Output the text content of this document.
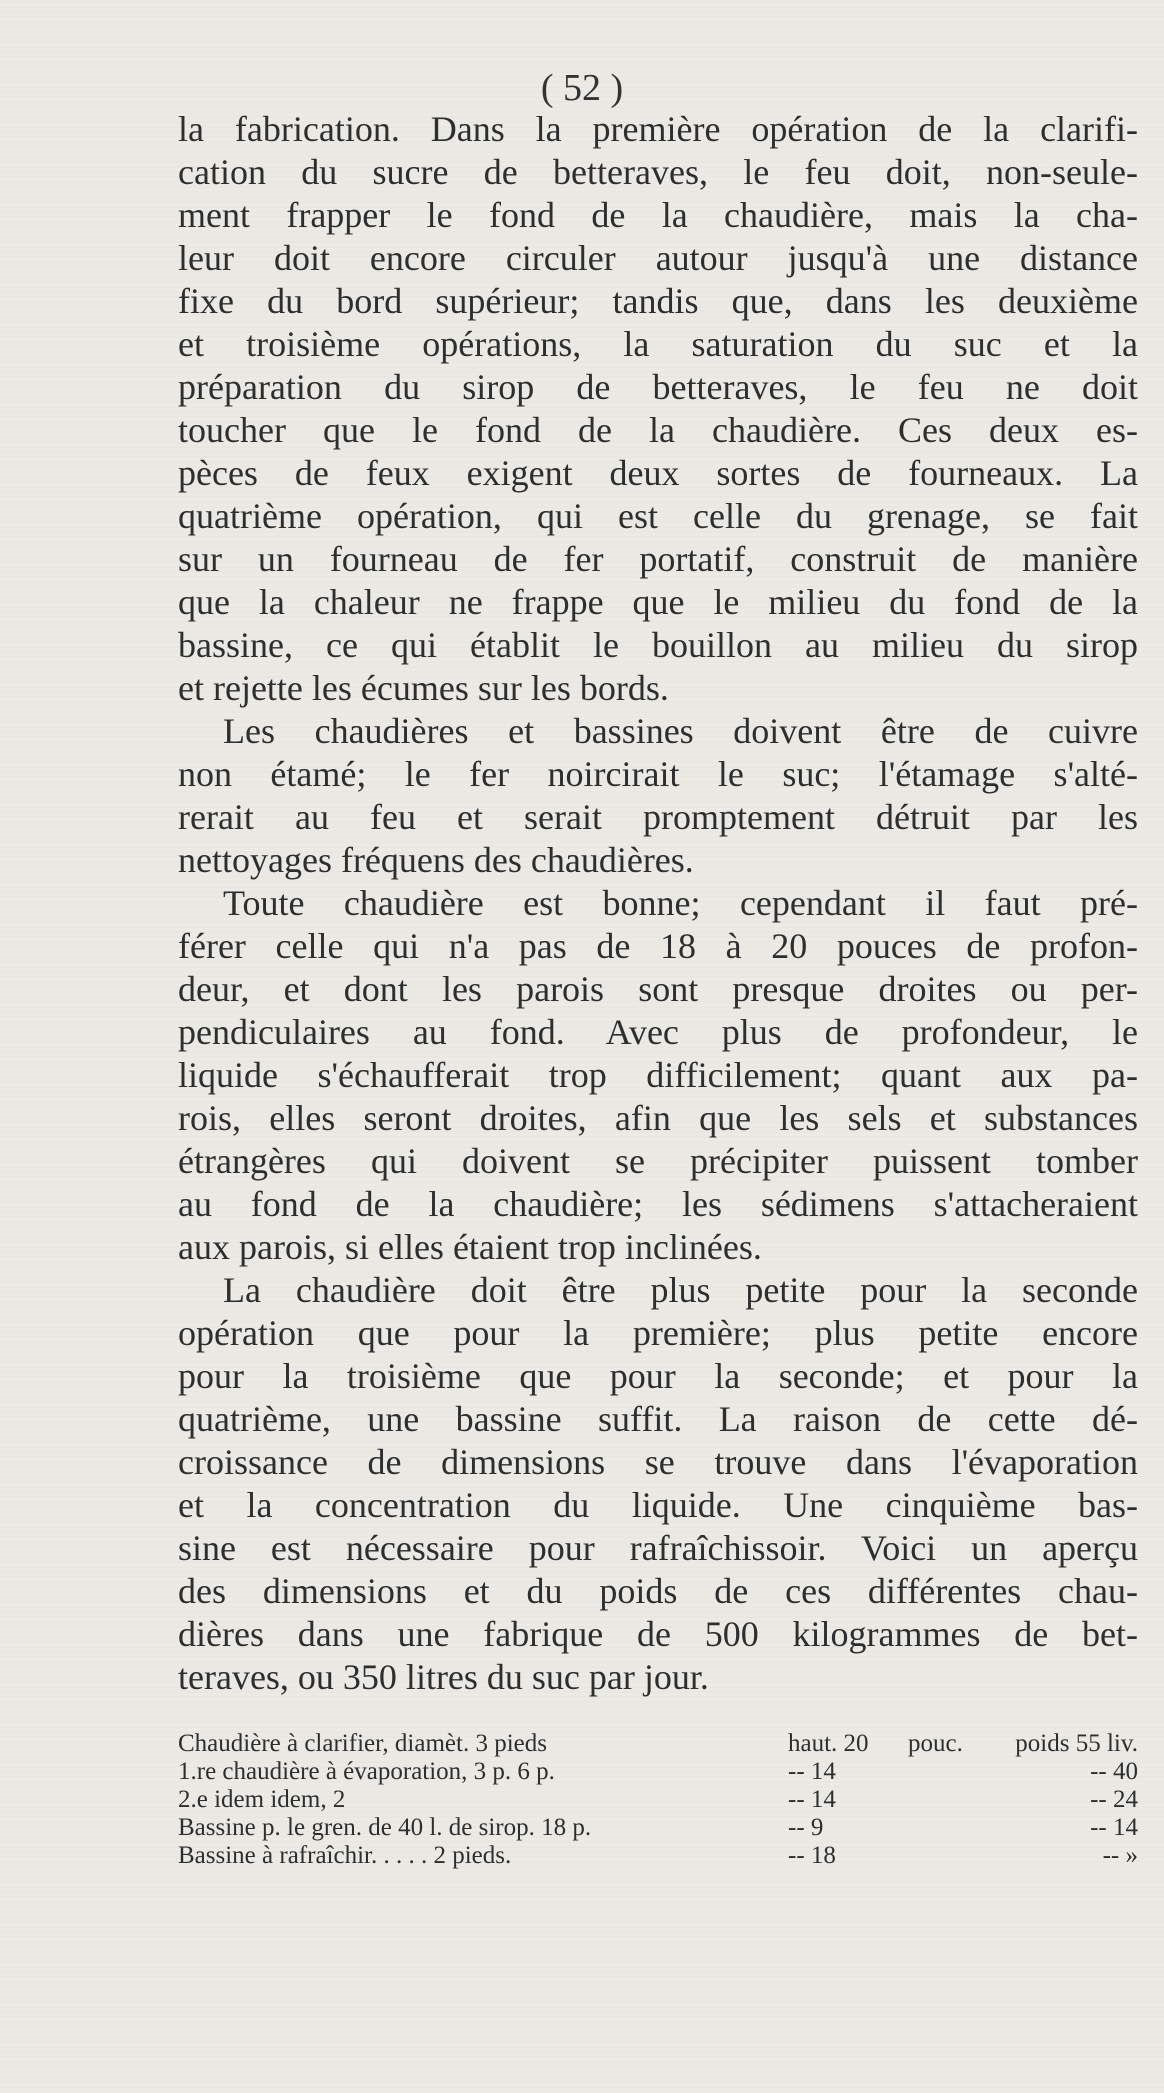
( 52 )
la fabrication. Dans la première opération de la clarifi-
cation du sucre de betteraves, le feu doit, non-seule-
ment frapper le fond de la chaudière, mais la cha-
leur doit encore circuler autour jusqu'à une distance
fixe du bord supérieur; tandis que, dans les deuxième
et troisième opérations, la saturation du suc et la
préparation du sirop de betteraves, le feu ne doit
toucher que le fond de la chaudière. Ces deux es-
pèces de feux exigent deux sortes de fourneaux. La
quatrième opération, qui est celle du grenage, se fait
sur un fourneau de fer portatif, construit de manière
que la chaleur ne frappe que le milieu du fond de la
bassine, ce qui établit le bouillon au milieu du sirop
et rejette les écumes sur les bords.
Les chaudières et bassines doivent être de cuivre
non étamé; le fer noircirait le suc; l'étamage s'alté-
rerait au feu et serait promptement détruit par les
nettoyages fréquens des chaudières.
Toute chaudière est bonne; cependant il faut pré-
férer celle qui n'a pas de 18 à 20 pouces de profon-
deur, et dont les parois sont presque droites ou per-
pendiculaires au fond. Avec plus de profondeur, le
liquide s'échaufferait trop difficilement; quant aux pa-
rois, elles seront droites, afin que les sels et substances
étrangères qui doivent se précipiter puissent tomber
au fond de la chaudière; les sédimens s'attacheraient
aux parois, si elles étaient trop inclinées.
La chaudière doit être plus petite pour la seconde
opération que pour la première; plus petite encore
pour la troisième que pour la seconde; et pour la
quatrième, une bassine suffit. La raison de cette dé-
croissance de dimensions se trouve dans l'évaporation
et la concentration du liquide. Une cinquième bas-
sine est nécessaire pour rafraîchissoir. Voici un aperçu
des dimensions et du poids de ces différentes chau-
dières dans une fabrique de 500 kilogrammes de bet-
teraves, ou 350 litres du suc par jour.
Chaudière à clarifier, diamèt. 3 pieds	haut. 20	pouc.	poids 55 liv.
1.re chaudière à évaporation, 3 p. 6 p.	-- 14	-- 40
2.e idem idem, 2	-- 14	-- 24
Bassine p. le gren. de 40 l. de sirop. 18 p.	-- 9	-- 14
Bassine à rafraîchir. . . . . 2 pieds.	-- 18	-- »
